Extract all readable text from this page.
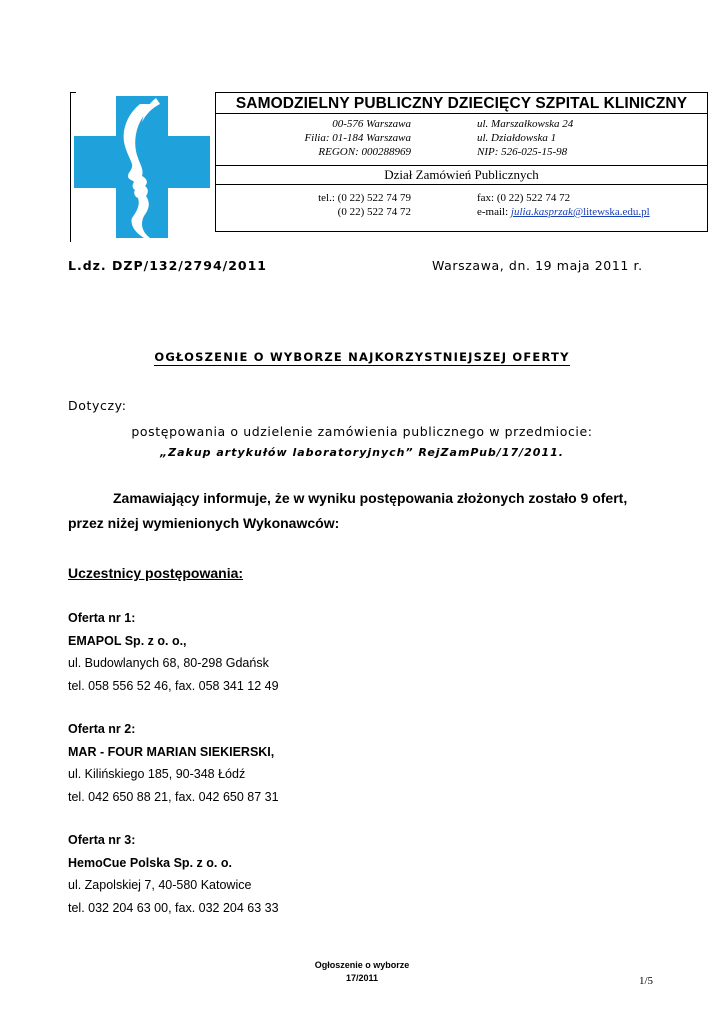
SAMODZIELNY PUBLICZNY DZIECIĘCY SZPITAL KLINICZNY
00-576 Warszawa
Filia: 01-184 Warszawa
REGON: 000288969
ul. Marszałkowska 24
ul. Działdowska 1
NIP: 526-025-15-98
Dział Zamówień Publicznych
tel.: (0 22) 522 74 79
(0 22) 522 74 72
fax: (0 22) 522 74 72
e-mail: julia.kasprzak@litewska.edu.pl
L.dz. DZP/132/2794/2011	Warszawa, dn. 19 maja 2011 r.
OGŁOSZENIE O WYBORZE NAJKORZYSTNIEJSZEJ OFERTY
Dotyczy:
postępowania o udzielenie zamówienia publicznego w przedmiocie:
„Zakup artykułów laboratoryjnych” RejZamPub/17/2011.
Zamawiający informuje, że w wyniku postępowania złożonych zostało 9 ofert,
przez niżej wymienionych Wykonawców:
Uczestnicy postępowania:
Oferta nr 1:
EMAPOL Sp. z o. o.,
ul. Budowlanych 68, 80-298 Gdańsk
tel. 058 556 52 46, fax. 058 341 12 49
Oferta nr 2:
MAR - FOUR MARIAN SIEKIERSKI,
ul. Kilińskiego 185, 90-348 Łódź
tel. 042 650 88 21, fax. 042 650 87 31
Oferta nr 3:
HemoCue Polska Sp. z o. o.
ul. Zapolskiej 7, 40-580 Katowice
tel. 032 204 63 00, fax. 032 204 63 33
Ogłoszenie o wyborze
17/2011	1/5
